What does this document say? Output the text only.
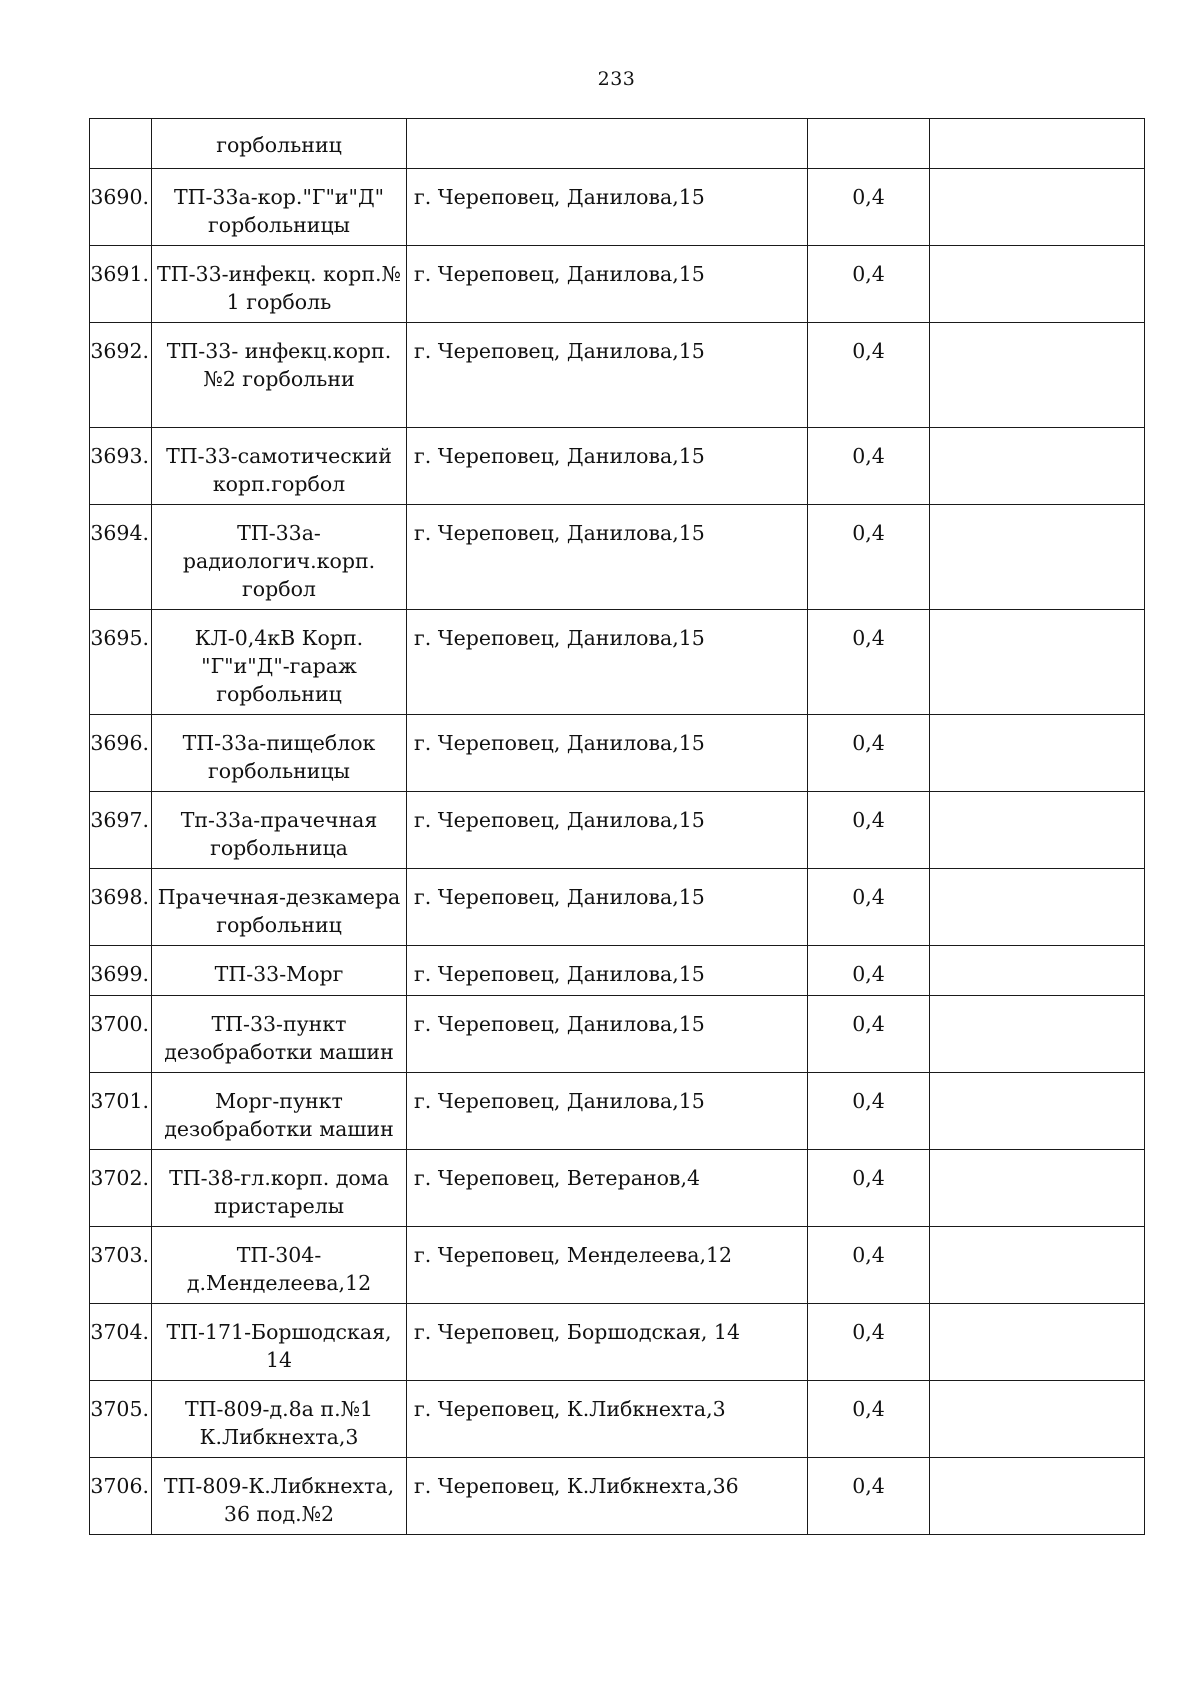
233
	горбольниц			
3690.	ТП-33а-кор."Г"и"Д" горбольницы	г. Череповец, Данилова,15	0,4	
3691.	ТП-33-инфекц. корп.№ 1 горболь	г. Череповец, Данилова,15	0,4	
3692.	ТП-33- инфекц.корп.№2 горбольни	г. Череповец, Данилова,15	0,4	
3693.	ТП-33-самотический корп.горбол	г. Череповец, Данилова,15	0,4	
3694.	ТП-33а- радиологич.корп. горбол	г. Череповец, Данилова,15	0,4	
3695.	КЛ-0,4кВ Корп. "Г"и"Д"-гараж горбольниц	г. Череповец, Данилова,15	0,4	
3696.	ТП-33а-пищеблок горбольницы	г. Череповец, Данилова,15	0,4	
3697.	Тп-33а-прачечная горбольница	г. Череповец, Данилова,15	0,4	
3698.	Прачечная-дезкамера горбольниц	г. Череповец, Данилова,15	0,4	
3699.	ТП-33-Морг	г. Череповец, Данилова,15	0,4	
3700.	ТП-33-пункт дезобработки машин	г. Череповец, Данилова,15	0,4	
3701.	Морг-пункт дезобработки машин	г. Череповец, Данилова,15	0,4	
3702.	ТП-38-гл.корп. дома пристарелы	г. Череповец, Ветеранов,4	0,4	
3703.	ТП-304- д.Менделеева,12	г. Череповец, Менделеева,12	0,4	
3704.	ТП-171-Боршодская, 14	г. Череповец, Боршодская, 14	0,4	
3705.	ТП-809-д.8а п.№1 К.Либкнехта,3	г. Череповец, К.Либкнехта,3	0,4	
3706.	ТП-809-К.Либкнехта, 36 под.№2	г. Череповец, К.Либкнехта,36	0,4	
